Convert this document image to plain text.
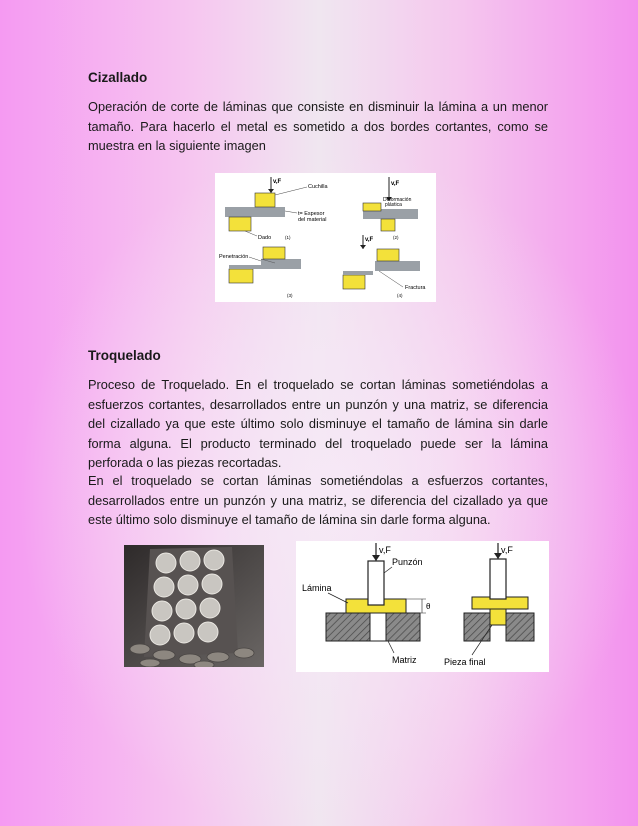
Cizallado
Operación de corte de láminas que consiste en disminuir la lámina a un menor tamaño. Para hacerlo el metal es sometido a dos bordes cortantes, como se muestra en la siguiente imagen
v,F
Cuchilla
t= Espesor
del material
Dado	(1)
v,F
Deformación
plástica
(2)
Penetración
(3)
v,F
Fractura
(4)
Troquelado
Proceso de Troquelado. En el troquelado se cortan láminas sometiéndolas a esfuerzos cortantes, desarrollados entre un punzón y una matriz, se diferencia del cizallado ya que este último solo disminuye el tamaño de lámina sin darle forma alguna. El producto terminado del troquelado puede ser la lámina perforada o las piezas recortadas.
En el troquelado se cortan láminas sometiéndolas a esfuerzos cortantes, desarrollados entre un punzón y una matriz, se diferencia del cizallado ya que este último solo disminuye el tamaño de lámina sin darle forma alguna.
v,F
Punzón
Lámina
θ
Matriz
v,F
Pieza final
